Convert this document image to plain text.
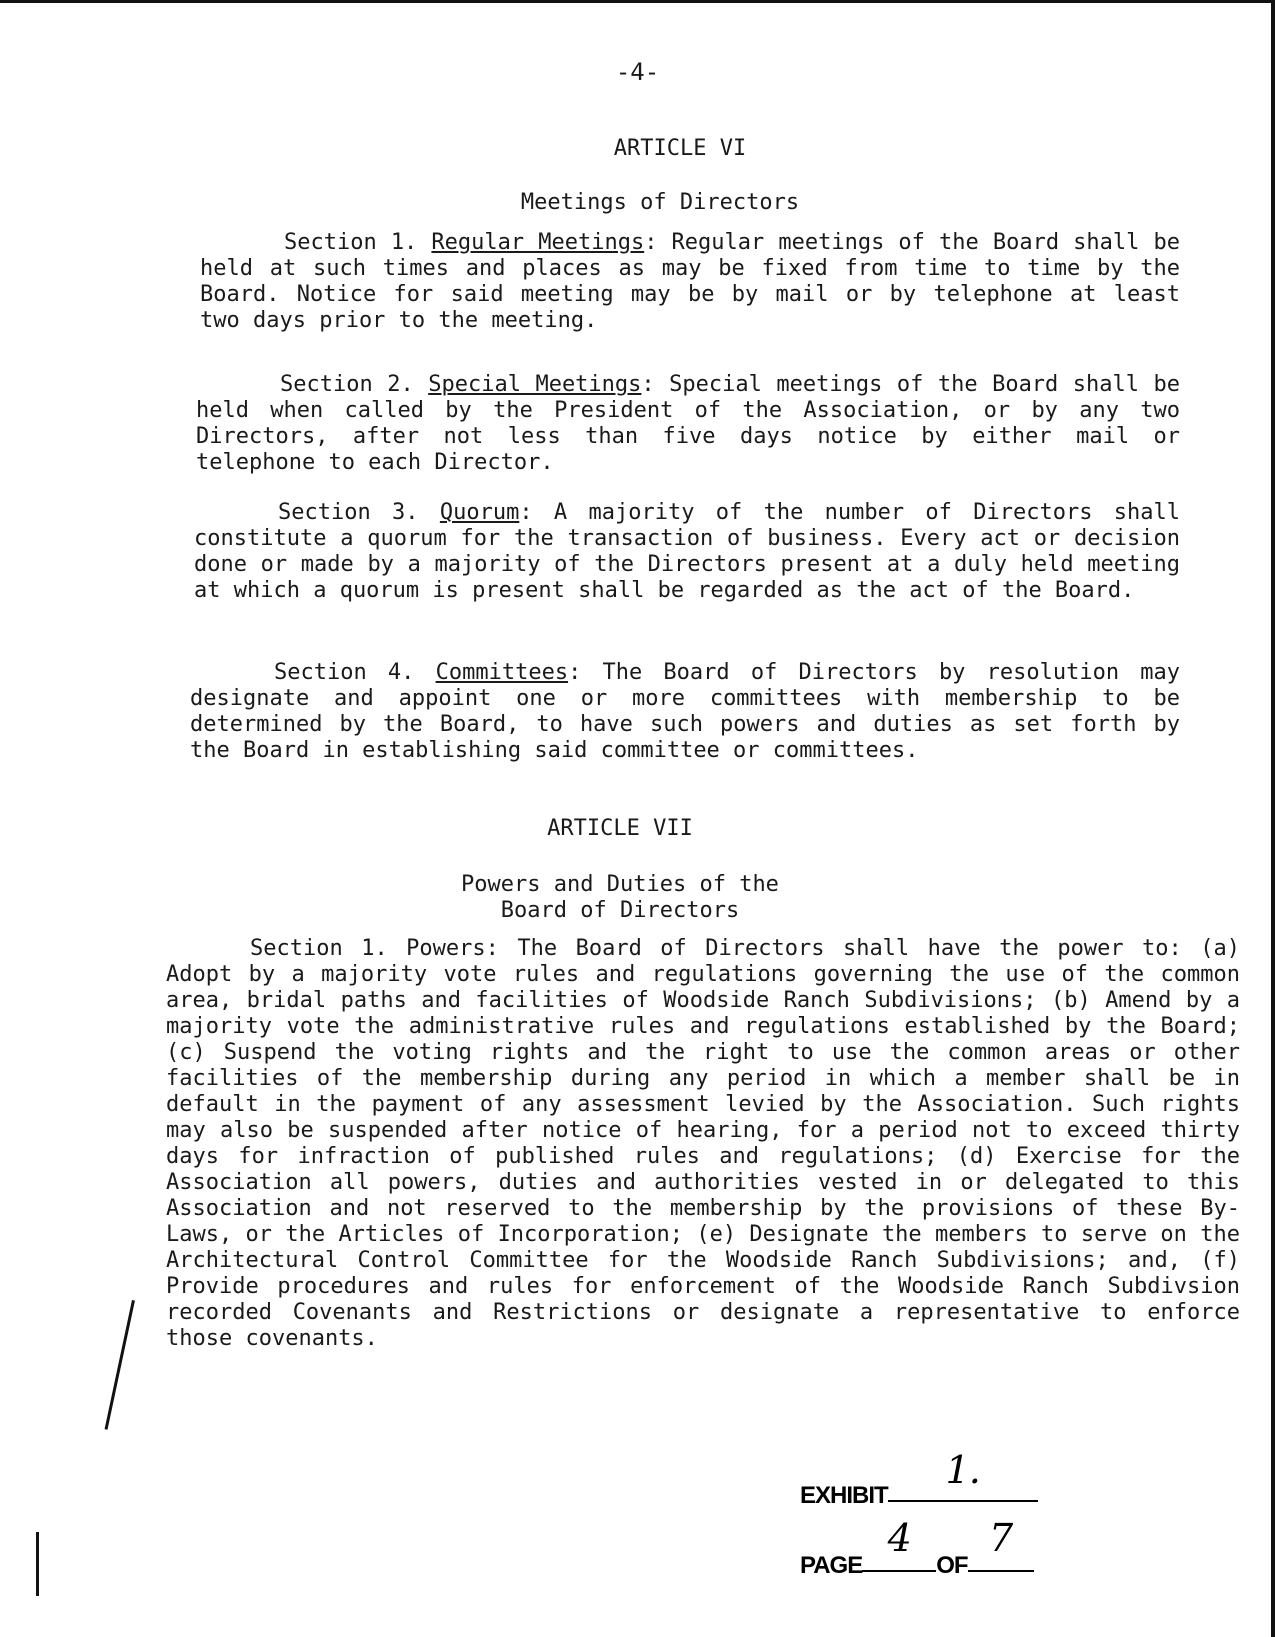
-4-
ARTICLE VI
Meetings of Directors
Section 1. Regular Meetings: Regular meetings of the Board shall be held at such times and places as may be fixed from time to time by the Board. Notice for said meeting may be by mail or by telephone at least two days prior to the meeting.
Section 2. Special Meetings: Special meetings of the Board shall be held when called by the President of the Association, or by any two Directors, after not less than five days notice by either mail or telephone to each Director.
Section 3. Quorum: A majority of the number of Directors shall constitute a quorum for the transaction of business. Every act or decision done or made by a majority of the Directors present at a duly held meeting at which a quorum is present shall be regarded as the act of the Board.
Section 4. Committees: The Board of Directors by resolution may designate and appoint one or more committees with membership to be determined by the Board, to have such powers and duties as set forth by the Board in establishing said committee or committees.
ARTICLE VII
Powers and Duties of the
Board of Directors
Section 1. Powers: The Board of Directors shall have the power to: (a) Adopt by a majority vote rules and regulations governing the use of the common area, bridal paths and facilities of Woodside Ranch Subdivisions; (b) Amend by a majority vote the administrative rules and regulations established by the Board; (c) Suspend the voting rights and the right to use the common areas or other facilities of the membership during any period in which a member shall be in default in the payment of any assessment levied by the Association. Such rights may also be suspended after notice of hearing, for a period not to exceed thirty days for infraction of published rules and regulations; (d) Exercise for the Association all powers, duties and authorities vested in or delegated to this Association and not reserved to the membership by the provisions of these By-Laws, or the Articles of Incorporation; (e) Designate the members to serve on the Architectural Control Committee for the Woodside Ranch Subdivisions; and, (f) Provide procedures and rules for enforcement of the Woodside Ranch Subdivsion recorded Covenants and Restrictions or designate a representative to enforce those covenants.
EXHIBIT1.
PAGE4OF7
